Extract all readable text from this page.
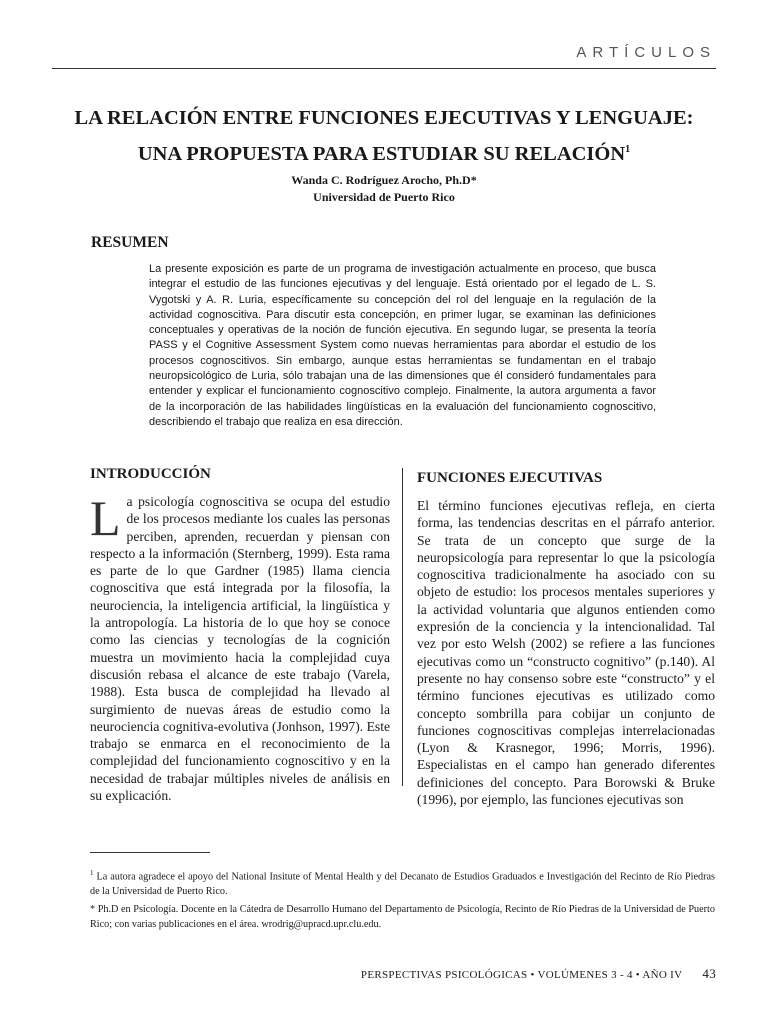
ARTÍCULOS
LA RELACIÓN ENTRE FUNCIONES EJECUTIVAS Y LENGUAJE:
UNA PROPUESTA PARA ESTUDIAR SU RELACIÓN$^1$
Wanda C. Rodríguez Arocho, Ph.D*
Universidad de Puerto Rico
RESUMEN

La presente exposición es parte de un programa de investigación actualmente en proceso, que busca integrar el estudio de las funciones ejecutivas y del lenguaje. Está orientado por el legado de L. S. Vygotski y A. R. Luria, específicamente su concepción del rol del lenguaje en la regulación de la actividad cognoscitiva. Para discutir esta concepción, en primer lugar, se examinan las definiciones conceptuales y operativas de la noción de función ejecutiva. En segundo lugar, se presenta la teoría PASS y el Cognitive Assessment System como nuevas herramientas para abordar el estudio de los procesos cognoscitivos. Sin embargo, aunque estas herramientas se fundamentan en el trabajo neuropsicológico de Luria, sólo trabajan una de las dimensiones que él consideró fundamentales para entender y explicar el funcionamiento cognoscitivo complejo. Finalmente, la autora argumenta a favor de la incorporación de las habilidades lingüísticas en la evaluación del funcionamiento cognoscitivo, describiendo el trabajo que realiza en esa dirección.

INTRODUCCIÓN

La psicología cognoscitiva se ocupa del estudio de los procesos mediante los cuales las personas perciben, aprenden, recuerdan y piensan con respecto a la información (Sternberg, 1999). Esta rama es parte de lo que Gardner (1985) llama ciencia cognoscitiva que está integrada por la filosofía, la neurociencia, la inteligencia artificial, la lingüística y la antropología. La historia de lo que hoy se conoce como las ciencias y tecnologías de la cognición muestra un movimiento hacia la complejidad cuya discusión rebasa el alcance de este trabajo (Varela, 1988). Esta busca de complejidad ha llevado al surgimiento de nuevas áreas de estudio como la neurociencia cognitiva-evolutiva (Jonhson, 1997). Este trabajo se enmarca en el reconocimiento de la complejidad del funcionamiento cognoscitivo y en la necesidad de trabajar múltiples niveles de análisis en su explicación.

FUNCIONES EJECUTIVAS

El término funciones ejecutivas refleja, en cierta forma, las tendencias descritas en el párrafo anterior. Se trata de un concepto que surge de la neuropsicología para representar lo que la psicología cognoscitiva tradicionalmente ha asociado con su objeto de estudio: los procesos mentales superiores y la actividad voluntaria que algunos entienden como expresión de la conciencia y la intencionalidad. Tal vez por esto Welsh (2002) se refiere a las funciones ejecutivas como un “constructo cognitivo” (p.140). Al presente no hay consenso sobre este “constructo” y el término funciones ejecutivas es utilizado como concepto sombrilla para cobijar un conjunto de funciones cognoscitivas complejas interrelacionadas (Lyon & Krasnegor, 1996; Morris, 1996). Especialistas en el campo han generado diferentes definiciones del concepto. Para Borowski & Bruke (1996), por ejemplo, las funciones ejecutivas son

$^1$ La autora agradece el apoyo del National Insitute of Mental Health y del Decanato de Estudios Graduados e Investigación del Recinto de Río Piedras de la Universidad de Puerto Rico.

* Ph.D en Psicología. Docente en la Cátedra de Desarrollo Humano del Departamento de Psicología, Recinto de Río Piedras de la Universidad de Puerto Rico; con varias publicaciones en el área. wrodrig@upracd.upr.clu.edu.

PERSPECTIVAS PSICOLÓGICAS • VOLÚMENES 3 - 4 • AÑO IV 43
